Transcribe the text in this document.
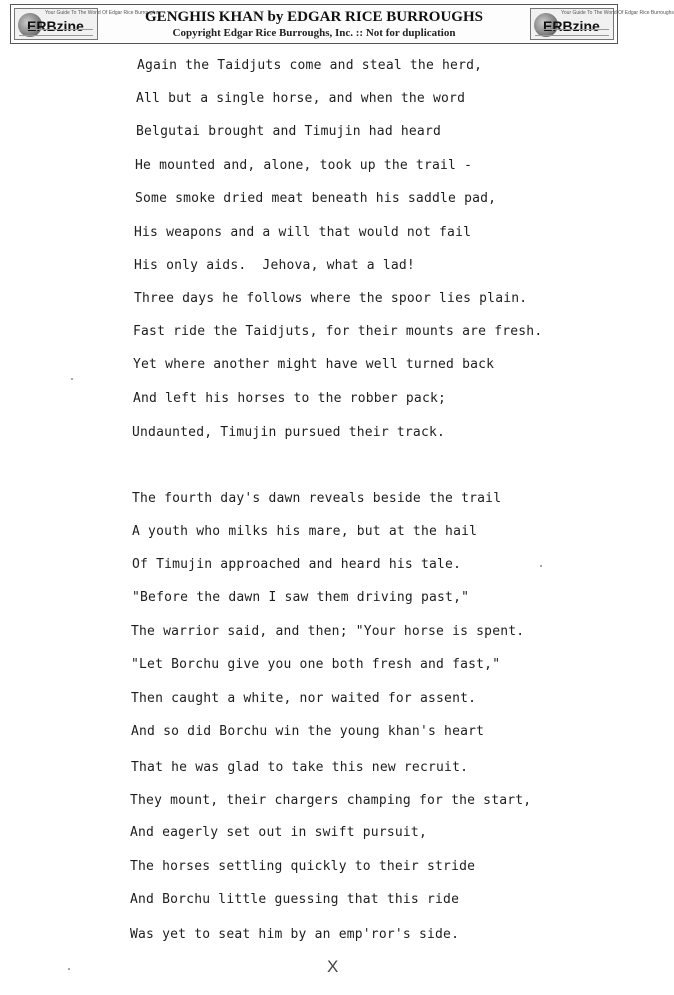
Your Guide To The World Of Edgar Rice Burroughs
ERBzine
GENGHIS KHAN by EDGAR RICE BURROUGHS
Copyright Edgar Rice Burroughs, Inc. :: Not for duplication
Your Guide To The World Of Edgar Rice Burroughs
ERBzine
Again the Taidjuts come and steal the herd,
All but a single horse, and when the word
Belgutai brought and Timujin had heard
He mounted and, alone, took up the trail -
Some smoke dried meat beneath his saddle pad,
His weapons and a will that would not fail
His only aids.  Jehova, what a lad!
Three days he follows where the spoor lies plain.
Fast ride the Taidjuts, for their mounts are fresh.
Yet where another might have well turned back
And left his horses to the robber pack;
Undaunted, Timujin pursued their track.
The fourth day's dawn reveals beside the trail
A youth who milks his mare, but at the hail
Of Timujin approached and heard his tale.
"Before the dawn I saw them driving past,"
The warrior said, and then; "Your horse is spent.
"Let Borchu give you one both fresh and fast,"
Then caught a white, nor waited for assent.
And so did Borchu win the young khan's heart
That he was glad to take this new recruit.
They mount, their chargers champing for the start,
And eagerly set out in swift pursuit,
The horses settling quickly to their stride
And Borchu little guessing that this ride
Was yet to seat him by an emp'ror's side.
X
